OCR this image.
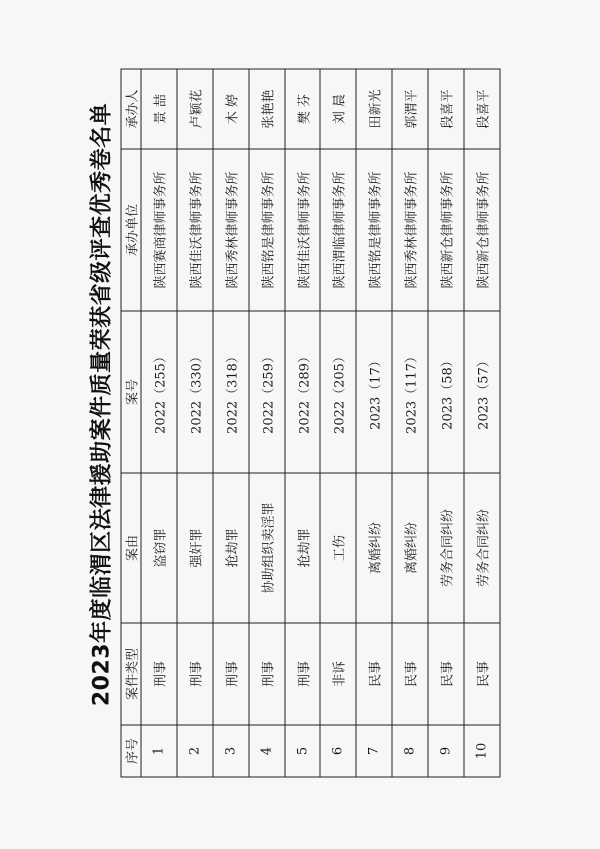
2023年度临渭区法律援助案件质量荣获省级评查优秀卷名单
序号	案件类型	案由	案号	承办单位	承办人
1	刑事	盗窃罪	2022（255）	陕西赛商律师事务所	景 喆
2	刑事	强奸罪	2022（330）	陕西佳沃律师事务所	卢颖花
3	刑事	抢劫罪	2022（318）	陕西秀林律师事务所	木 婷
4	刑事	协助组织卖淫罪	2022（259）	陕西铭是律师事务所	张艳艳
5	刑事	抢劫罪	2022（289）	陕西佳沃律师事务所	樊 芬
6	非诉	工伤	2022（205）	陕西渭临律师事务所	刘 晨
7	民事	离婚纠纷	2023（17）	陕西铭是律师事务所	田新光
8	民事	离婚纠纷	2023（117）	陕西秀林律师事务所	郭渭平
9	民事	劳务合同纠纷	2023（58）	陕西新仓律师事务所	段喜平
10	民事	劳务合同纠纷	2023（57）	陕西新仓律师事务所	段喜平
